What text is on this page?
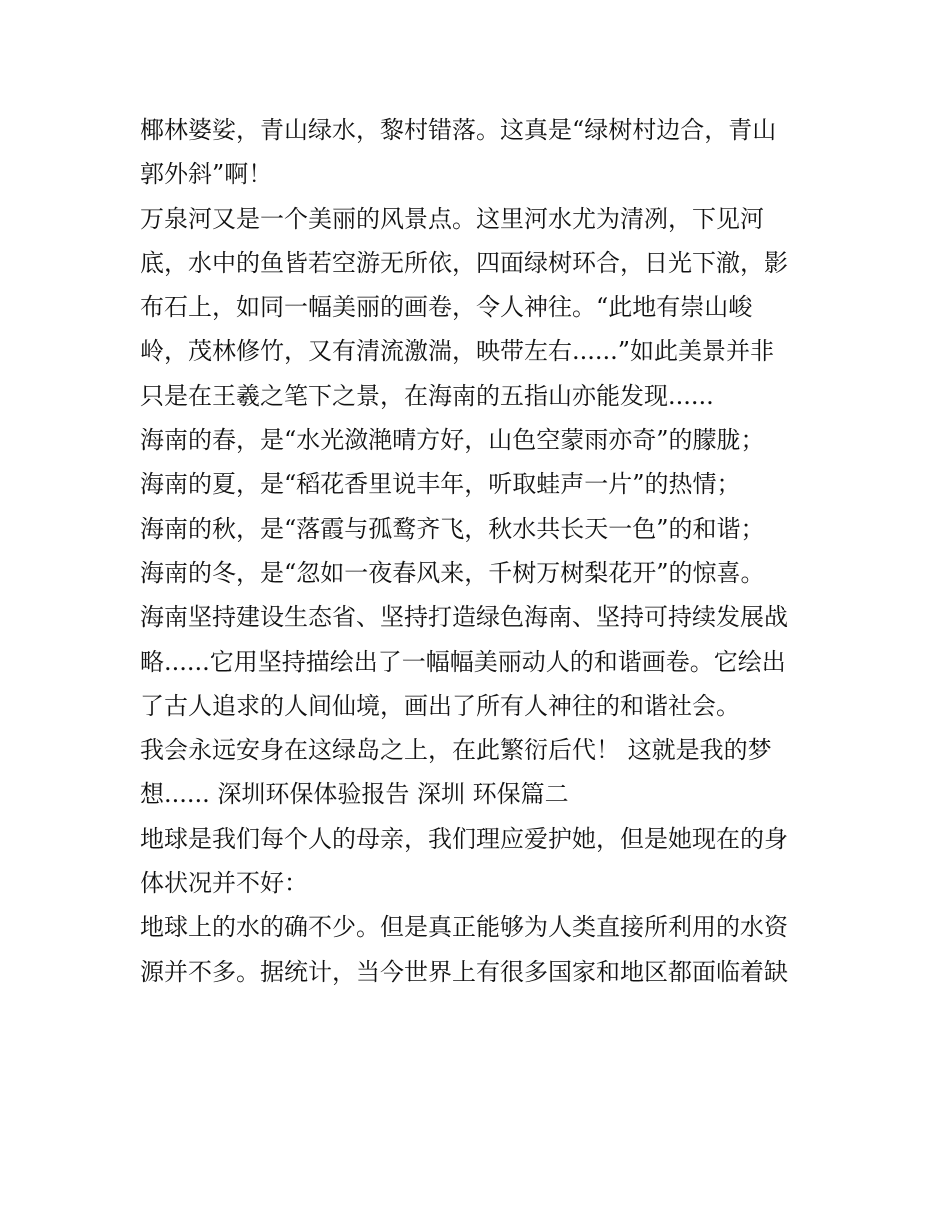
椰林婆娑，青山绿水，黎村错落。这真是“绿树村边合，青山
郭外斜”啊！
万泉河又是一个美丽的风景点。这里河水尤为清冽，下见河
底，水中的鱼皆若空游无所依，四面绿树环合，日光下澈，影
布石上，如同一幅美丽的画卷，令人神往。“此地有崇山峻
岭，茂林修竹，又有清流激湍，映带左右......”如此美景并非
只是在王羲之笔下之景，在海南的五指山亦能发现......
海南的春，是“水光潋滟晴方好，山色空蒙雨亦奇”的朦胧；
海南的夏，是“稻花香里说丰年，听取蛙声一片”的热情；
海南的秋，是“落霞与孤鹜齐飞，秋水共长天一色”的和谐；
海南的冬，是“忽如一夜春风来，千树万树梨花开”的惊喜。
海南坚持建设生态省、坚持打造绿色海南、坚持可持续发展战
略......它用坚持描绘出了一幅幅美丽动人的和谐画卷。它绘出
了古人追求的人间仙境，画出了所有人神往的和谐社会。
我会永远安身在这绿岛之上，在此繁衍后代！ 这就是我的梦
想...... 深圳环保体验报告 深圳 环保篇二
地球是我们每个人的母亲，我们理应爱护她，但是她现在的身
体状况并不好：
地球上的水的确不少。但是真正能够为人类直接所利用的水资
源并不多。据统计，当今世界上有很多国家和地区都面临着缺
